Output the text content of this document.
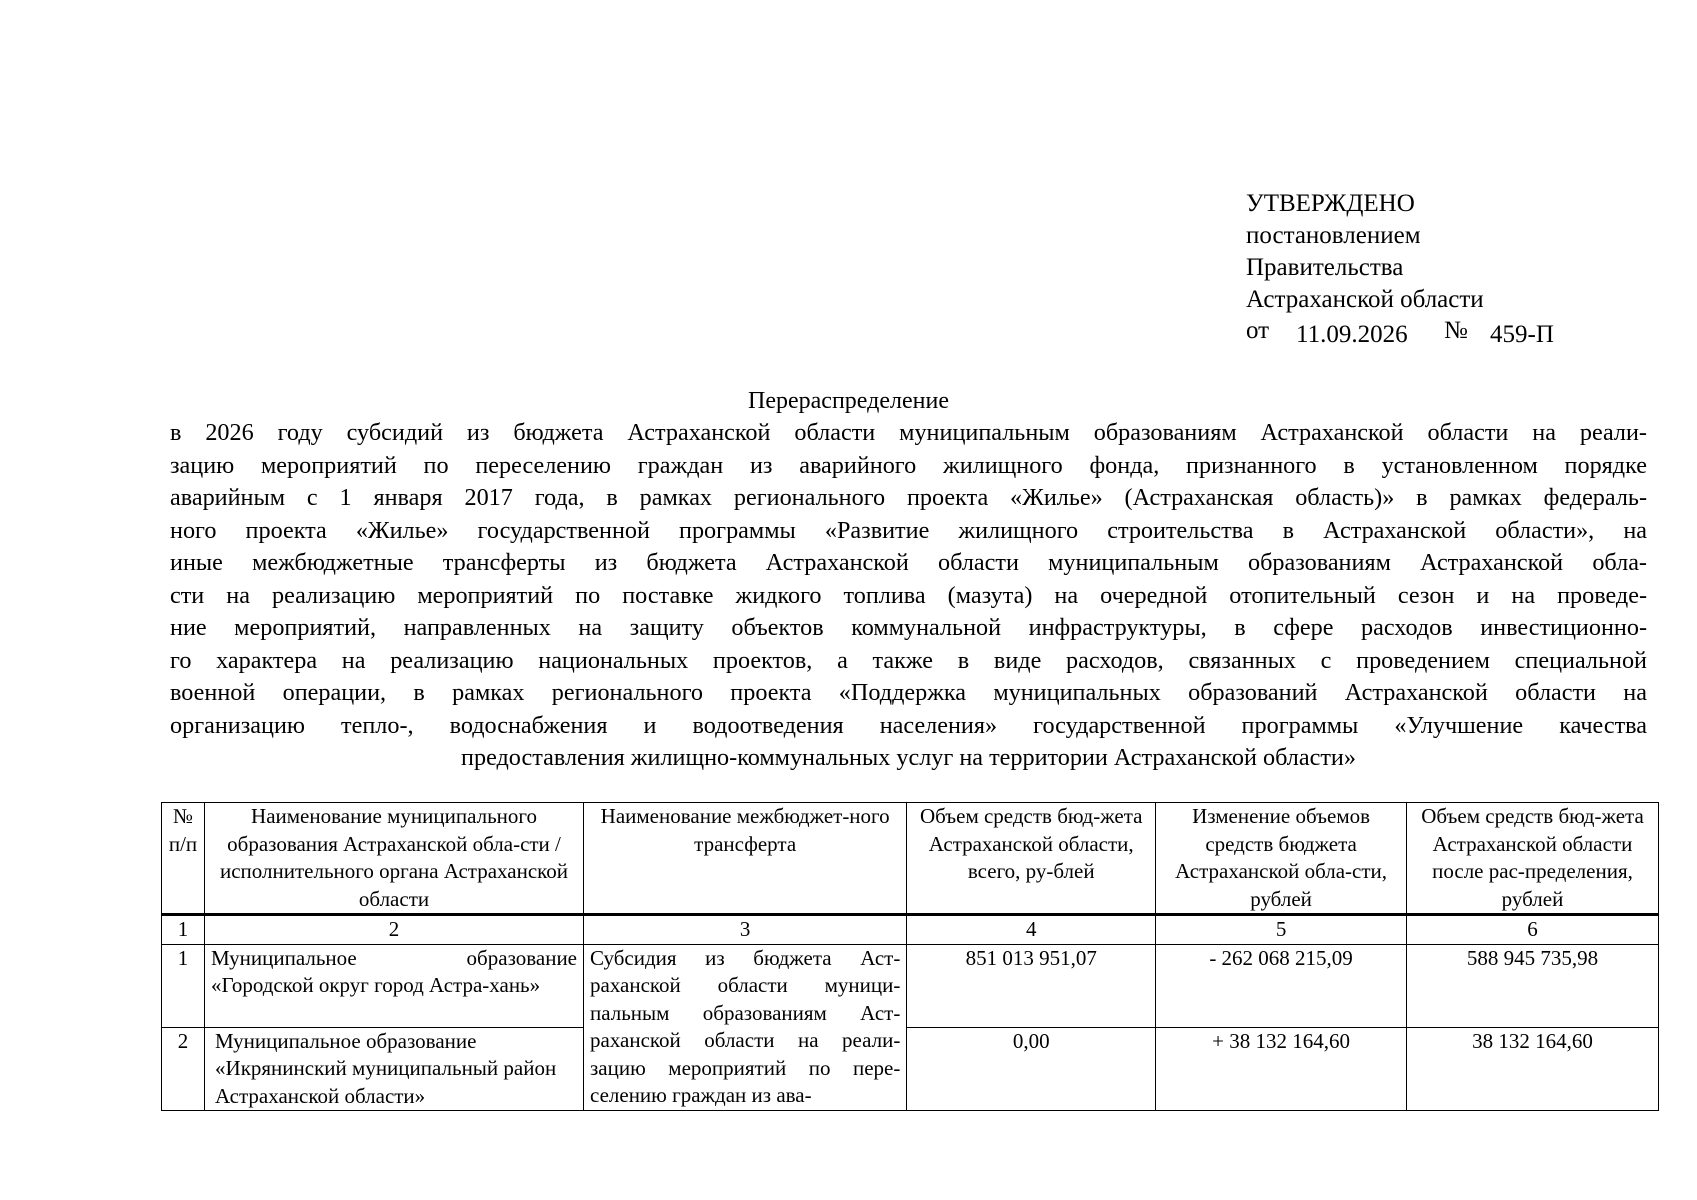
УТВЕРЖДЕНО
постановлением
Правительства
Астраханской области
от 11.09.2026 № 459-П
Перераспределение
в 2026 году субсидий из бюджета Астраханской области муниципальным образованиям Астраханской области на реали-
зацию мероприятий по переселению граждан из аварийного жилищного фонда, признанного в установленном порядке
аварийным с 1 января 2017 года, в рамках регионального проекта «Жилье» (Астраханская область)» в рамках федераль-
ного проекта «Жилье» государственной программы «Развитие жилищного строительства в Астраханской области», на
иные межбюджетные трансферты из бюджета Астраханской области муниципальным образованиям Астраханской обла-
сти на реализацию мероприятий по поставке жидкого топлива (мазута) на очередной отопительный сезон и на проведе-
ние мероприятий, направленных на защиту объектов коммунальной инфраструктуры, в сфере расходов инвестиционно-
го характера на реализацию национальных проектов, а также в виде расходов, связанных с проведением специальной
военной операции, в рамках регионального проекта «Поддержка муниципальных образований Астраханской области на
организацию тепло-, водоснабжения и водоотведения населения» государственной программы «Улучшение качества
предоставления жилищно-коммунальных услуг на территории Астраханской области»
№ п/п	Наименование муниципального образования Астраханской обла-сти / исполнительного органа Астраханской области	Наименование межбюджет-ного трансферта	Объем средств бюд-жета Астраханской области, всего, ру-блей	Изменение объемов средств бюджета Астраханской обла-сти, рублей	Объем средств бюд-жета Астраханской области после рас-пределения, рублей
1	2	3	4	5	6
1	Муниципальное образование «Городской округ город Астра-хань»	Субсидия из бюджета Аст-раханской области муници-пальным образованиям Аст-раханской области на реали-зацию мероприятий по пере-селению граждан из ава-	851 013 951,07	- 262 068 215,09	588 945 735,98
2	Муниципальное образование «Икрянинский муниципальный район Астраханской области»		0,00	+ 38 132 164,60	38 132 164,60
